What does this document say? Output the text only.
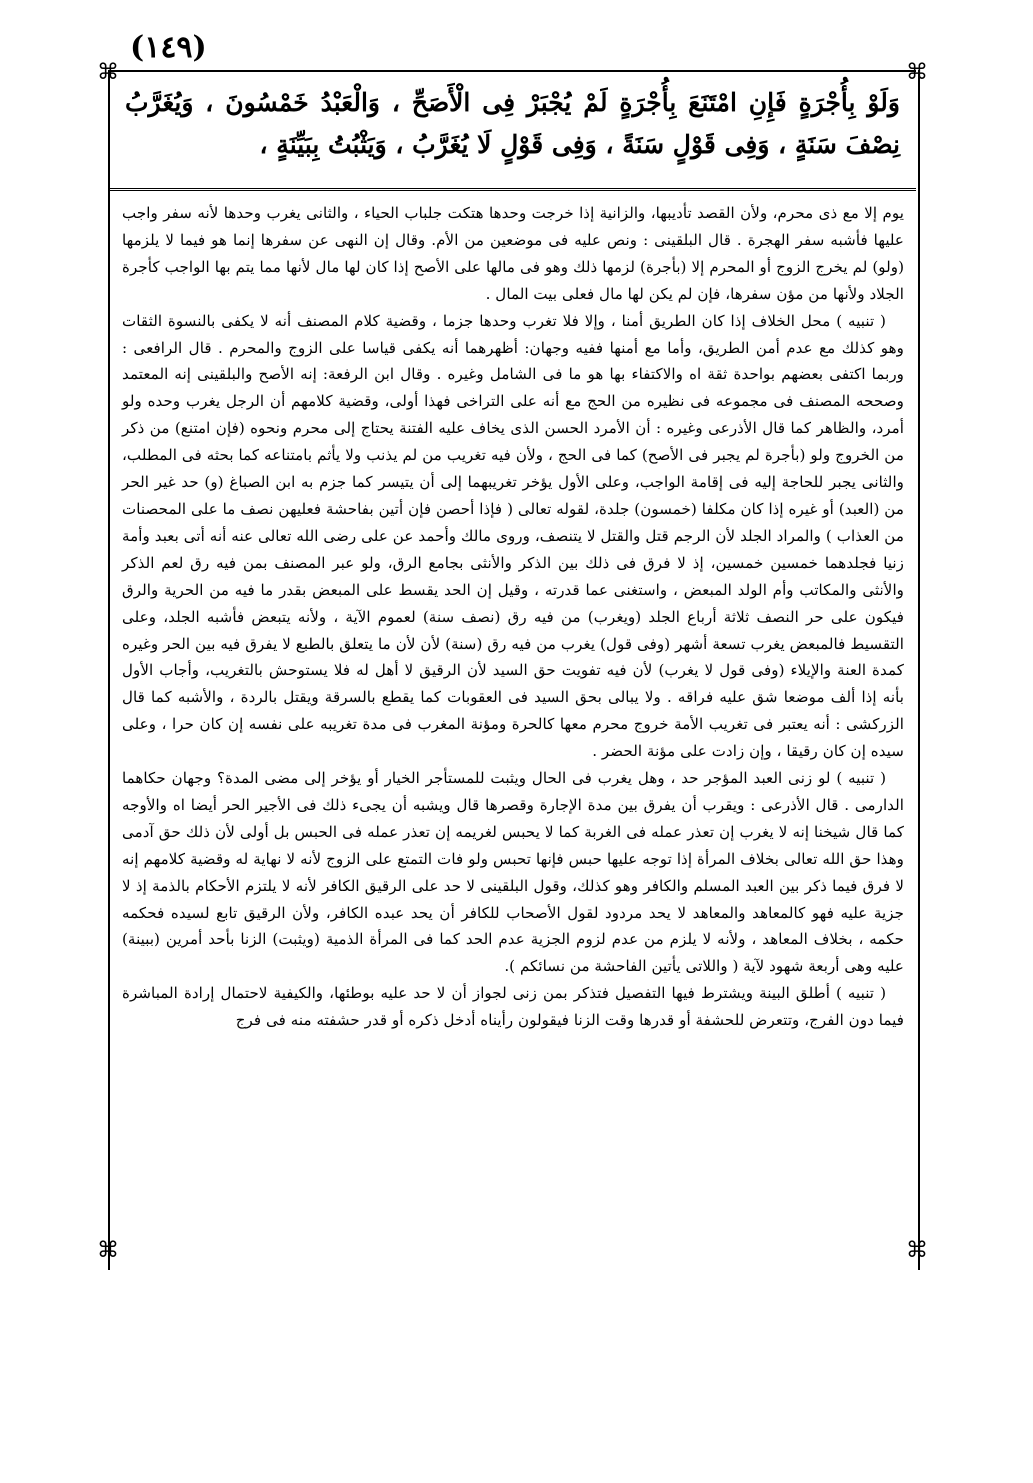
(١٤٩)
⌘	⌘
⌘	⌘
وَلَوْ بِأُجْرَةٍ فَإِنِ امْتَنَعَ بِأُجْرَةٍ لَمْ يُجْبَرْ فِى الْأَصَحِّ ، وَالْعَبْدُ خَمْسُونَ ، وَيُغَرَّبُ نِصْفَ سَنَةٍ ، وَفِى قَوْلٍ سَنَةً ، وَفِى قَوْلٍ لَا يُغَرَّبُ ، وَيَثْبُتُ بِبَيِّنَةٍ ،

يوم إلا مع ذى محرم، ولأن القصد تأديبها، والزانية إذا خرجت وحدها هتكت جلباب الحياء ، والثانى يغرب وحدها لأنه سفر واجب عليها فأشبه سفر الهجرة . قال البلقينى : ونص عليه فى موضعين من الأم. وقال إن النهى عن سفرها إنما هو فيما لا يلزمها (ولو) لم يخرج الزوج أو المحرم إلا (بأجرة) لزمها ذلك وهو فى مالها على الأصح إذا كان لها مال لأنها مما يتم بها الواجب كأجرة الجلاد ولأنها من مؤن سفرها، فإن لم يكن لها مال فعلى بيت المال .

( تنبيه ) محل الخلاف إذا كان الطريق أمنا ، وإلا فلا تغرب وحدها جزما ، وقضية كلام المصنف أنه لا يكفى بالنسوة الثقات وهو كذلك مع عدم أمن الطريق، وأما مع أمنها ففيه وجهان: أظهرهما أنه يكفى قياسا على الزوج والمحرم . قال الرافعى : وربما اكتفى بعضهم بواحدة ثقة اه والاكتفاء بها هو ما فى الشامل وغيره . وقال ابن الرفعة: إنه الأصح والبلقينى إنه المعتمد وصححه المصنف فى مجموعه فى نظيره من الحج مع أنه على التراخى فهذا أولى، وقضية كلامهم أن الرجل يغرب وحده ولو أمرد، والظاهر كما قال الأذرعى وغيره : أن الأمرد الحسن الذى يخاف عليه الفتنة يحتاج إلى محرم ونحوه (فإن امتنع) من ذكر من الخروج ولو (بأجرة لم يجبر فى الأصح) كما فى الحج ، ولأن فيه تغريب من لم يذنب ولا يأثم بامتناعه كما بحثه فى المطلب، والثانى يجبر للحاجة إليه فى إقامة الواجب، وعلى الأول يؤخر تغريبهما إلى أن يتيسر كما جزم به ابن الصباغ (و) حد غير الحر من (العبد) أو غيره إذا كان مكلفا (خمسون) جلدة، لقوله تعالى ( فإذا أحصن فإن أتين بفاحشة فعليهن نصف ما على المحصنات من العذاب ) والمراد الجلد لأن الرجم قتل والقتل لا يتنصف، وروى مالك وأحمد عن على رضى الله تعالى عنه أنه أتى بعبد وأمة زنيا فجلدهما خمسين خمسين، إذ لا فرق فى ذلك بين الذكر والأنثى بجامع الرق، ولو عبر المصنف بمن فيه رق لعم الذكر والأنثى والمكاتب وأم الولد المبعض ، واستغنى عما قدرته ، وقيل إن الحد يقسط على المبعض بقدر ما فيه من الحرية والرق فيكون على حر النصف ثلاثة أرباع الجلد (ويغرب) من فيه رق (نصف سنة) لعموم الآية ، ولأنه يتبعض فأشبه الجلد، وعلى التقسيط فالمبعض يغرب تسعة أشهر (وفى قول) يغرب من فيه رق (سنة) لأن لأن ما يتعلق بالطبع لا يفرق فيه بين الحر وغيره كمدة العنة والإيلاء (وفى قول لا يغرب) لأن فيه تفويت حق السيد لأن الرقيق لا أهل له فلا يستوحش بالتغريب، وأجاب الأول بأنه إذا ألف موضعا شق عليه فراقه . ولا يبالى بحق السيد فى العقوبات كما يقطع بالسرقة ويقتل بالردة ، والأشبه كما قال الزركشى : أنه يعتبر فى تغريب الأمة خروج محرم معها كالحرة ومؤنة المغرب فى مدة تغريبه على نفسه إن كان حرا ، وعلى سيده إن كان رقيقا ، وإن زادت على مؤنة الحضر .

( تنبيه ) لو زنى العبد المؤجر حد ، وهل يغرب فى الحال ويثبت للمستأجر الخيار أو يؤخر إلى مضى المدة؟ وجهان حكاهما الدارمى . قال الأذرعى : ويقرب أن يفرق بين مدة الإجارة وقصرها قال ويشبه أن يجىء ذلك فى الأجير الحر أيضا اه والأوجه كما قال شيخنا إنه لا يغرب إن تعذر عمله فى الغربة كما لا يحبس لغريمه إن تعذر عمله فى الحبس بل أولى لأن ذلك حق آدمى وهذا حق الله تعالى بخلاف المرأة إذا توجه عليها حبس فإنها تحبس ولو فات التمتع على الزوج لأنه لا نهاية له وقضية كلامهم إنه لا فرق فيما ذكر بين العبد المسلم والكافر وهو كذلك، وقول البلقينى لا حد على الرقيق الكافر لأنه لا يلتزم الأحكام بالذمة إذ لا جزية عليه فهو كالمعاهد والمعاهد لا يحد مردود لقول الأصحاب للكافر أن يحد عبده الكافر، ولأن الرقيق تابع لسيده فحكمه حكمه ، بخلاف المعاهد ، ولأنه لا يلزم من عدم لزوم الجزية عدم الحد كما فى المرأة الذمية (ويثبت) الزنا بأحد أمرين (ببينة) عليه وهى أربعة شهود لآية ( واللاتى يأتين الفاحشة من نسائكم ).

( تنبيه ) أطلق البينة ويشترط فيها التفصيل فتذكر بمن زنى لجواز أن لا حد عليه بوطئها، والكيفية لاحتمال إرادة المباشرة فيما دون الفرج، وتتعرض للحشفة أو قدرها وقت الزنا فيقولون رأيناه أدخل ذكره أو قدر حشفته منه فى فرج
